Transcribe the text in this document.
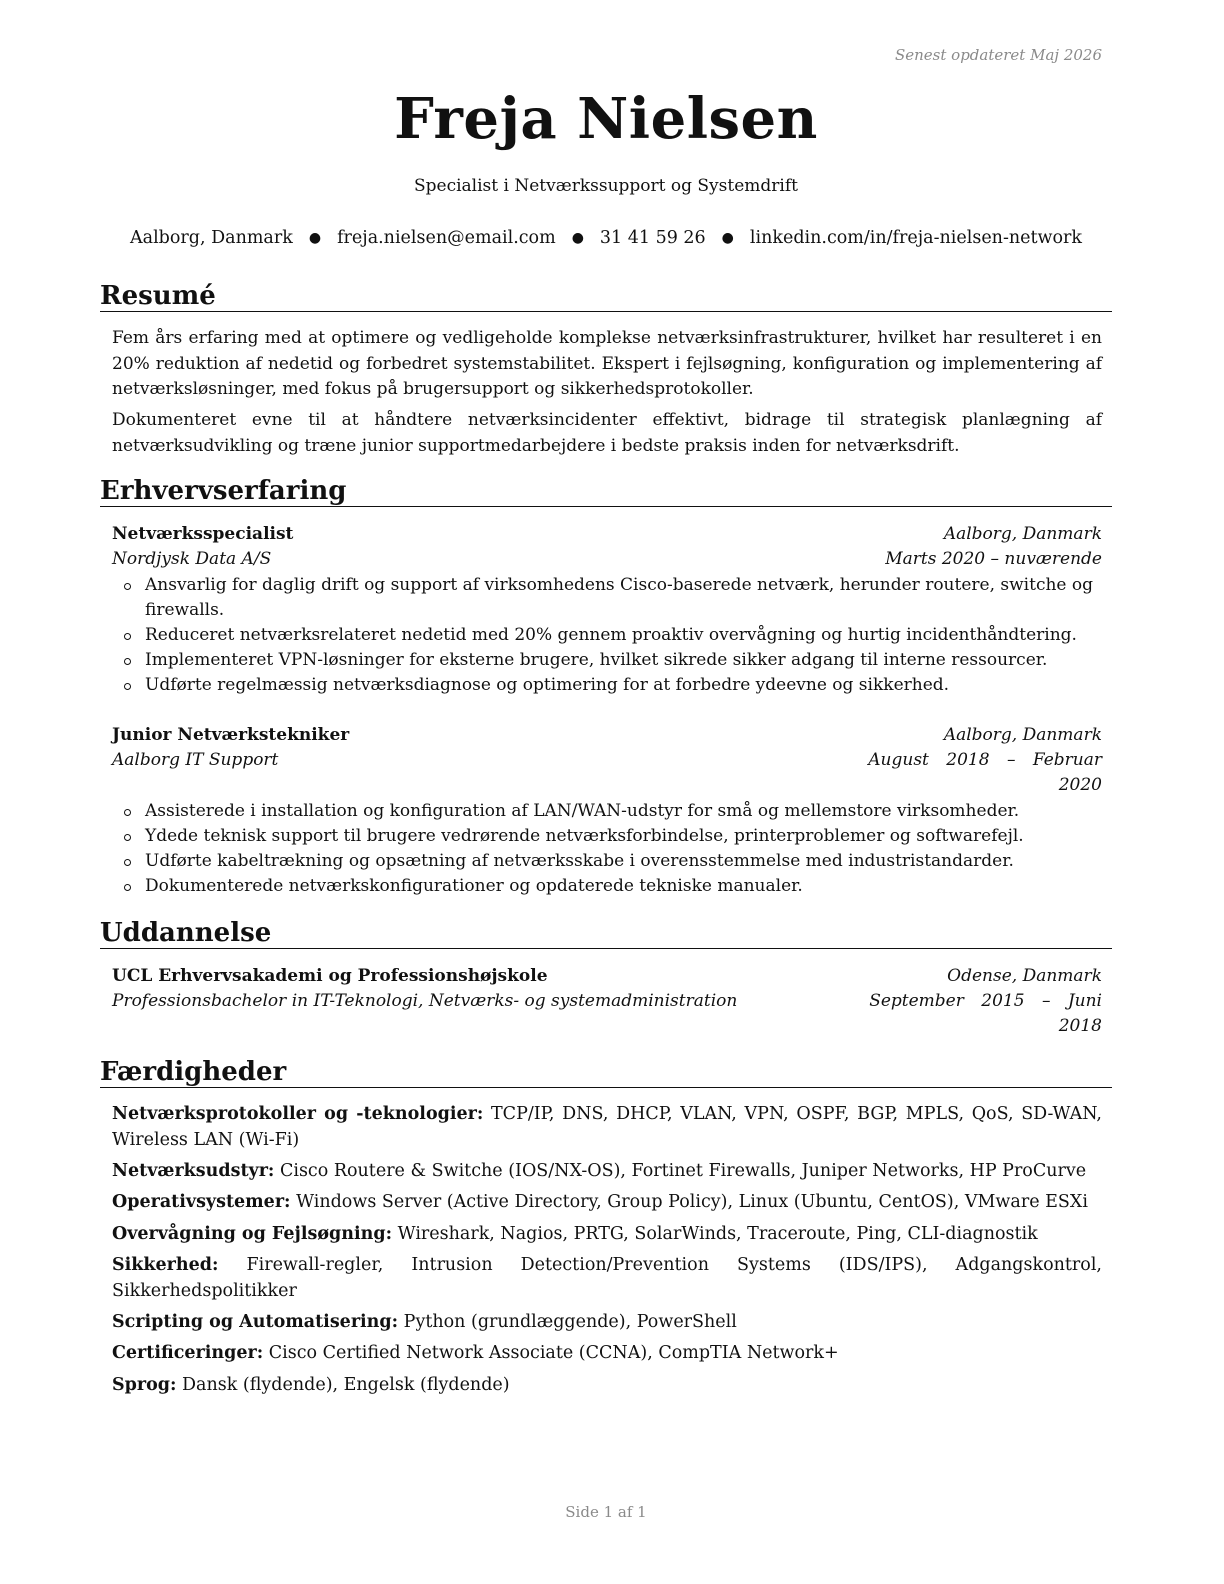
Senest opdateret Maj 2026
Freja Nielsen
Specialist i Netværkssupport og Systemdrift
Aalborg, Danmark ● freja.nielsen@email.com ● 31 41 59 26 ● linkedin.com/in/freja-nielsen-network
Resumé
Fem års erfaring med at optimere og vedligeholde komplekse netværksinfrastrukturer, hvilket har resulteret i en 20% reduktion af nedetid og forbedret systemstabilitet. Ekspert i fejlsøgning, konfiguration og implementering af netværksløsninger, med fokus på brugersupport og sikkerhedsprotokoller.
Dokumenteret evne til at håndtere netværksincidenter effektivt, bidrage til strategisk planlægning af netværksudvikling og træne junior supportmedarbejdere i bedste praksis inden for netværksdrift.
Erhvervserfaring
Netværksspecialist	Aalborg, Danmark
Nordjysk Data A/S	Marts 2020 – nuværende
Ansvarlig for daglig drift og support af virksomhedens Cisco-baserede netværk, herunder routere, switche og firewalls.
Reduceret netværksrelateret nedetid med 20% gennem proaktiv overvågning og hurtig incidenthåndtering.
Implementeret VPN-løsninger for eksterne brugere, hvilket sikrede sikker adgang til interne ressourcer.
Udførte regelmæssig netværksdiagnose og optimering for at forbedre ydeevne og sikkerhed.
Junior Netværkstekniker	Aalborg, Danmark
Aalborg IT Support	August 2018 – Februar
2020
Assisterede i installation og konfiguration af LAN/WAN-udstyr for små og mellemstore virksomheder.
Ydede teknisk support til brugere vedrørende netværksforbindelse, printerproblemer og softwarefejl.
Udførte kabeltrækning og opsætning af netværksskabe i overensstemmelse med industristandarder.
Dokumenterede netværkskonfigurationer og opdaterede tekniske manualer.
Uddannelse
UCL Erhvervsakademi og Professionshøjskole	Odense, Danmark
Professionsbachelor in IT-Teknologi, Netværks- og systemadministration	September 2015 – Juni
2018
Færdigheder
Netværksprotokoller og -teknologier: TCP/IP, DNS, DHCP, VLAN, VPN, OSPF, BGP, MPLS, QoS, SD-WAN, Wireless LAN (Wi-Fi)
Netværksudstyr: Cisco Routere & Switche (IOS/NX-OS), Fortinet Firewalls, Juniper Networks, HP ProCurve
Operativsystemer: Windows Server (Active Directory, Group Policy), Linux (Ubuntu, CentOS), VMware ESXi
Overvågning og Fejlsøgning: Wireshark, Nagios, PRTG, SolarWinds, Traceroute, Ping, CLI-diagnostik
Sikkerhed: Firewall-regler, Intrusion Detection/Prevention Systems (IDS/IPS), Adgangskontrol, Sikkerhedspolitikker
Scripting og Automatisering: Python (grundlæggende), PowerShell
Certificeringer: Cisco Certified Network Associate (CCNA), CompTIA Network+
Sprog: Dansk (flydende), Engelsk (flydende)
Side 1 af 1
